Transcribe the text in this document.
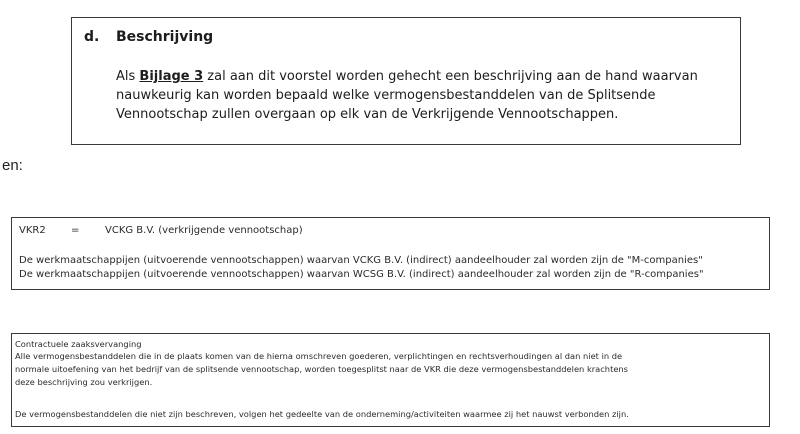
d. Beschrijving

Als Bijlage 3 zal aan dit voorstel worden gehecht een beschrijving aan de hand waarvan
nauwkeurig kan worden bepaald welke vermogensbestanddelen van de Splitsende
Vennootschap zullen overgaan op elk van de Verkrijgende Vennootschappen.

en:
VKR2	=	VCKG B.V. (verkrijgende vennootschap)
De werkmaatschappijen (uitvoerende vennootschappen) waarvan VCKG B.V. (indirect) aandeelhouder zal worden zijn de "M-companies"
De werkmaatschappijen (uitvoerende vennootschappen) waarvan WCSG B.V. (indirect) aandeelhouder zal worden zijn de "R-companies"
Contractuele zaaksvervanging
Alle vermogensbestanddelen die in de plaats komen van de hierna omschreven goederen, verplichtingen en rechtsverhoudingen al dan niet in de
normale uitoefening van het bedrijf van de splitsende vennootschap, worden toegesplitst naar de VKR die deze vermogensbestanddelen krachtens
deze beschrijving zou verkrijgen.
De vermogensbestanddelen die niet zijn beschreven, volgen het gedeelte van de onderneming/activiteiten waarmee zij het nauwst verbonden zijn.
